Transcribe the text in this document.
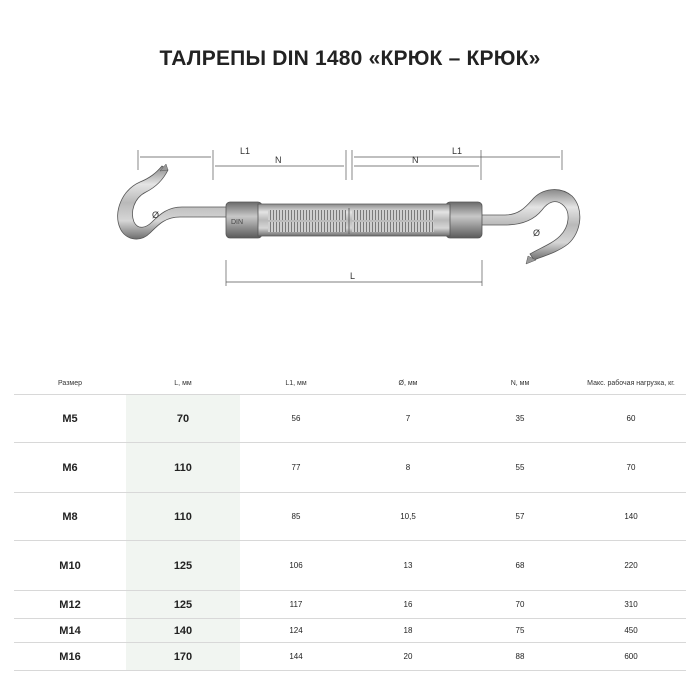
ТАЛРЕПЫ DIN 1480 «КРЮК – КРЮК»
L1
N	N
L1
L
Ø
Ø
DIN
Размер	L, мм	L1, мм	Ø, мм	N, мм	Макс. рабочая нагрузка, кг.
M5	70	56	7	35	60
M6	110	77	8	55	70
M8	110	85	10,5	57	140
M10	125	106	13	68	220
M12	125	117	16	70	310
M14	140	124	18	75	450
M16	170	144	20	88	600
